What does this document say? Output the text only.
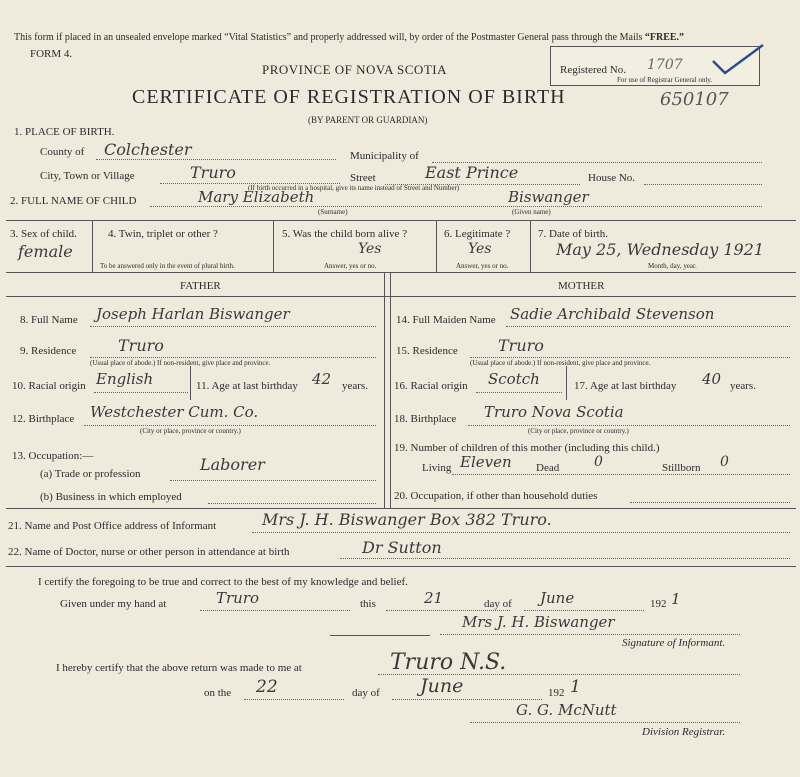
This form if placed in an unsealed envelope marked “Vital Statistics” and properly addressed will, by order of the Postmaster General pass through the Mails “FREE.”
FORM 4.
PROVINCE OF NOVA SCOTIA
CERTIFICATE OF REGISTRATION OF BIRTH
(BY PARENT OR GUARDIAN)
Registered No. 1707
For use of Registrar General only.
650107
1. PLACE OF BIRTH.
County of Colchester	Municipality of
City, Town or Village	Truro	Street	East Prince	House No.
(If birth occurred in a hospital, give its name instead of Street and Number)
2. FULL NAME OF CHILD	Mary Elizabeth	Biswanger
(Surname)	(Given name)
3. Sex of child.
female
4. Twin, triplet or other ?
To be answered only in the event of plural birth.
5. Was the child born alive ?
Yes
Answer, yes or no.
6. Legitimate ?
Yes
Answer, yes or no.
7. Date of birth.
May 25, Wednesday 1921
Month, day, year.
FATHER	MOTHER
8. Full Name Joseph Harlan Biswanger
9. Residence	Truro
(Usual place of abode.) If non-resident, give place and province.
10. Racial origin English	11. Age at last birthday 42 years.
12. Birthplace Westchester Cum. Co.
(City or place, province or country.)
13. Occupation:—
(a) Trade or profession	Laborer
(b) Business in which employed
14. Full Maiden Name Sadie Archibald Stevenson
15. Residence	Truro
(Usual place of abode.) If non-resident, give place and province.
16. Racial origin Scotch	17. Age at last birthday 40 years.
18. Birthplace Truro Nova Scotia
(City or place, province or country.)
19. Number of children of this mother (including this child.)
Living Eleven Dead 0	Stillborn 0
20. Occupation, if other than household duties
21. Name and Post Office address of Informant	Mrs J. H. Biswanger Box 382 Truro.
22. Name of Doctor, nurse or other person in attendance at birth	Dr Sutton
I certify the foregoing to be true and correct to the best of my knowledge and belief.
Given under my hand at	Truro	this	21	day of June	192 1
Mrs J. H. Biswanger
Signature of Informant.
I hereby certify that the above return was made to me at	Truro N.S.
on the 22	day of June	192 1
G. G. McNutt
Division Registrar.
